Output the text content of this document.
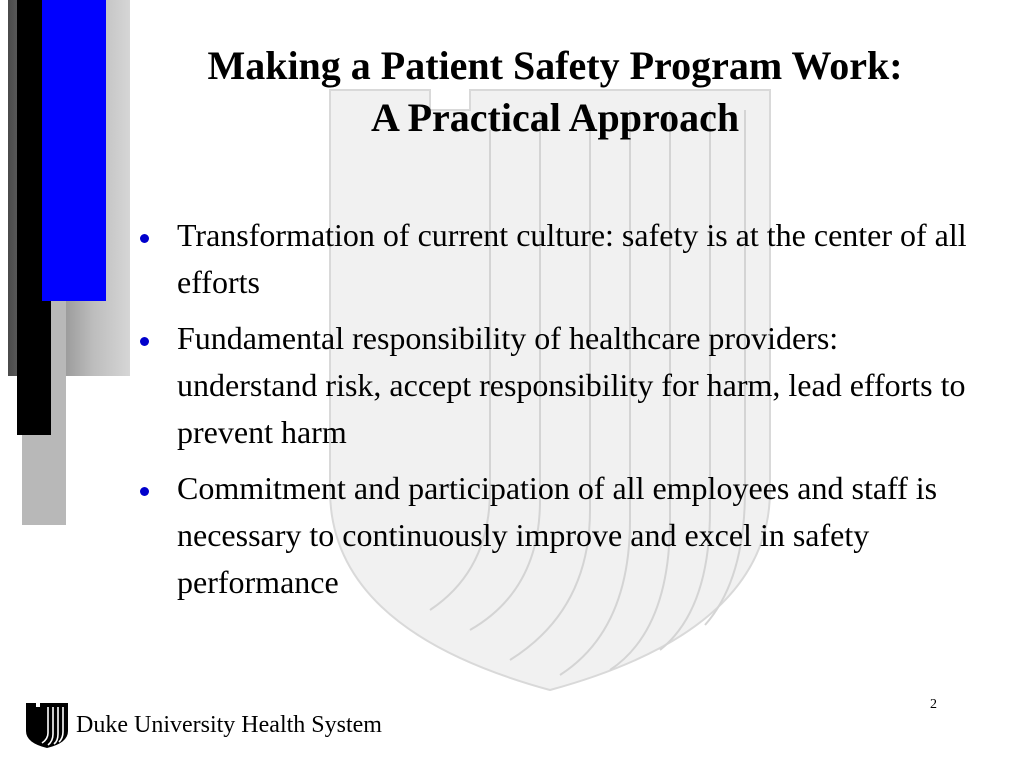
Making a Patient Safety Program Work:
A Practical Approach
Transformation of current culture: safety is at the center of all efforts
Fundamental responsibility of healthcare providers: understand risk, accept responsibility for harm, lead efforts to prevent harm
Commitment and participation of all employees and staff is necessary to continuously improve and excel in safety performance
2
Duke University Health System
